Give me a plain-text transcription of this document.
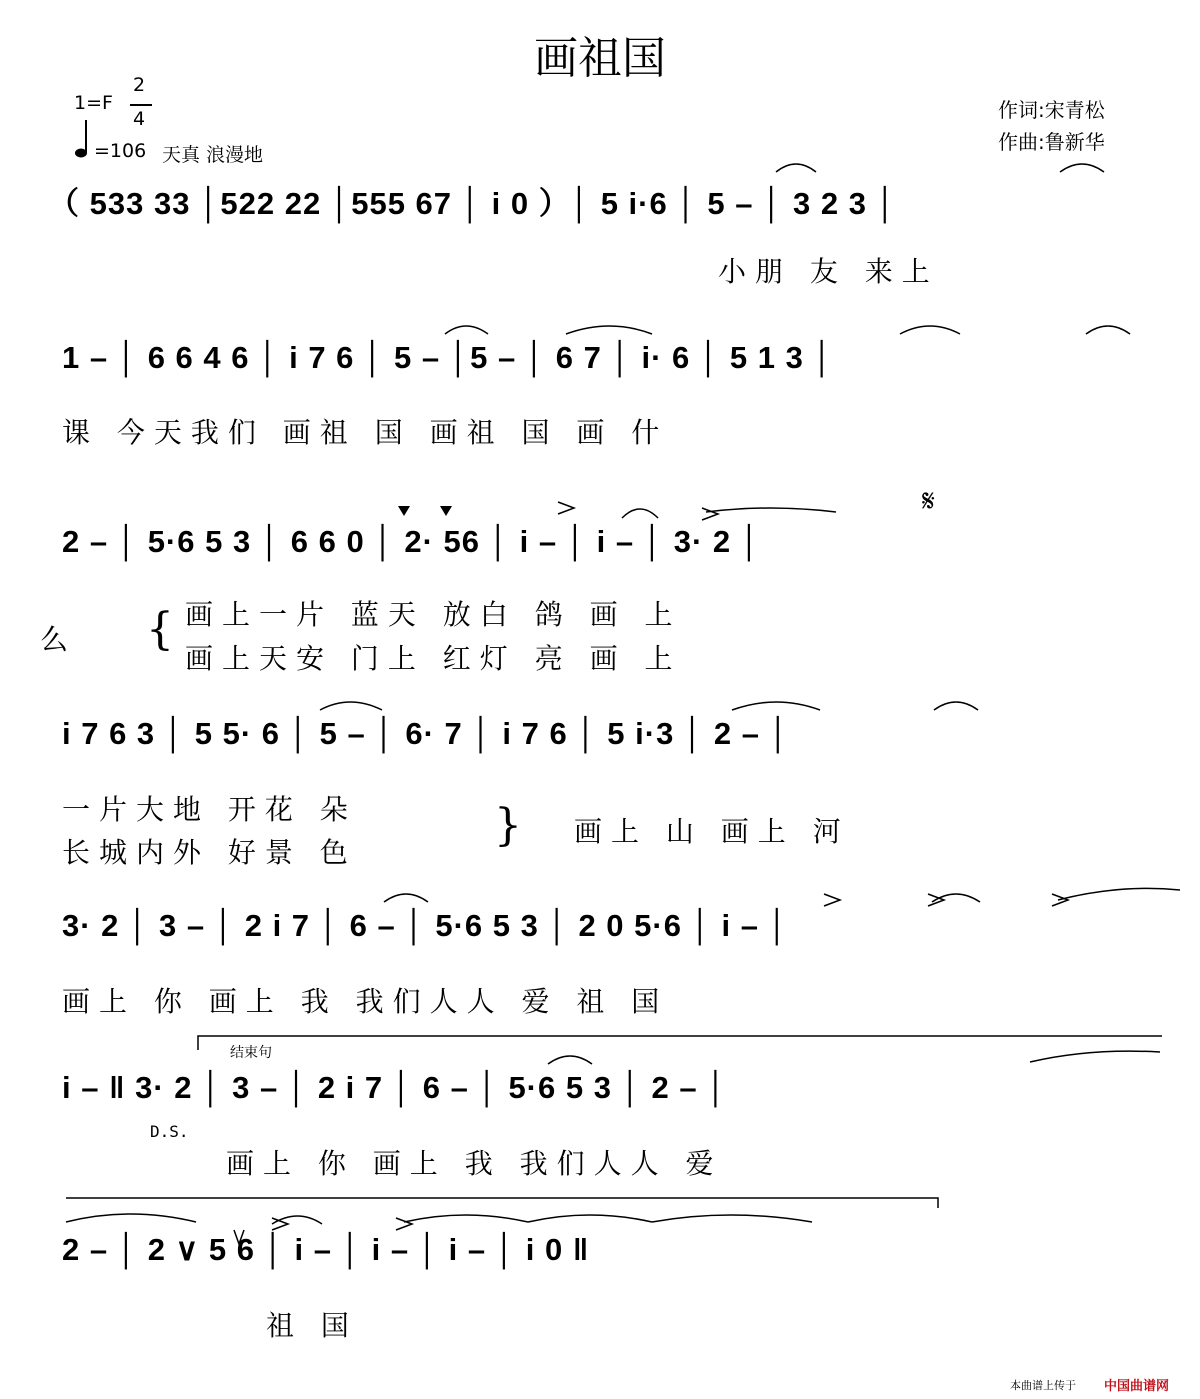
画祖国
1=F
2
4
=106 天真 浪漫地
作词:宋青松
作曲:鲁新华
（ 533 33 │522 22 │555 67 │ i 0 ）│ 5 i·6 │ 5 – │ 3 2 3 │
小朋 友 来上
1 – │ 6 6 4 6 │ i 7 6 │ 5 – │5 – │ 6 7 │ i· 6 │ 5 1 3 │
课 今天我们 画祖 国 画祖 国 画 什
2 – │ 5·6 5 3 │ 6 6 0 │ 2· 56 │ i – │ i – │ 3· 2 │
𝄋
么 { 画上一片 蓝天 放白 鸽 画 上
画上天安 门上 红灯 亮 画 上
i 7 6 3 │ 5 5· 6 │ 5 – │ 6· 7 │ i 7 6 │ 5 i·3 │ 2 – │
一片大地 开花 朵
长城内外 好景 色
} 画上 山 画上 河
3· 2 │ 3 – │ 2 i 7 │ 6 – │ 5·6 5 3 │ 2 0 5·6 │ i – │
画上 你 画上 我 我们人人 爱 祖 国
结束句
i – ‖ 3· 2 │ 3 – │ 2 i 7 │ 6 – │ 5·6 5 3 │ 2 – │
D.S.
画上 你 画上 我 我们人人 爱
2 – │ 2 ∨ 5 6 │ i – │ i – │ i – │ i 0 ‖
祖 国
本曲谱上传于 中国曲谱网
